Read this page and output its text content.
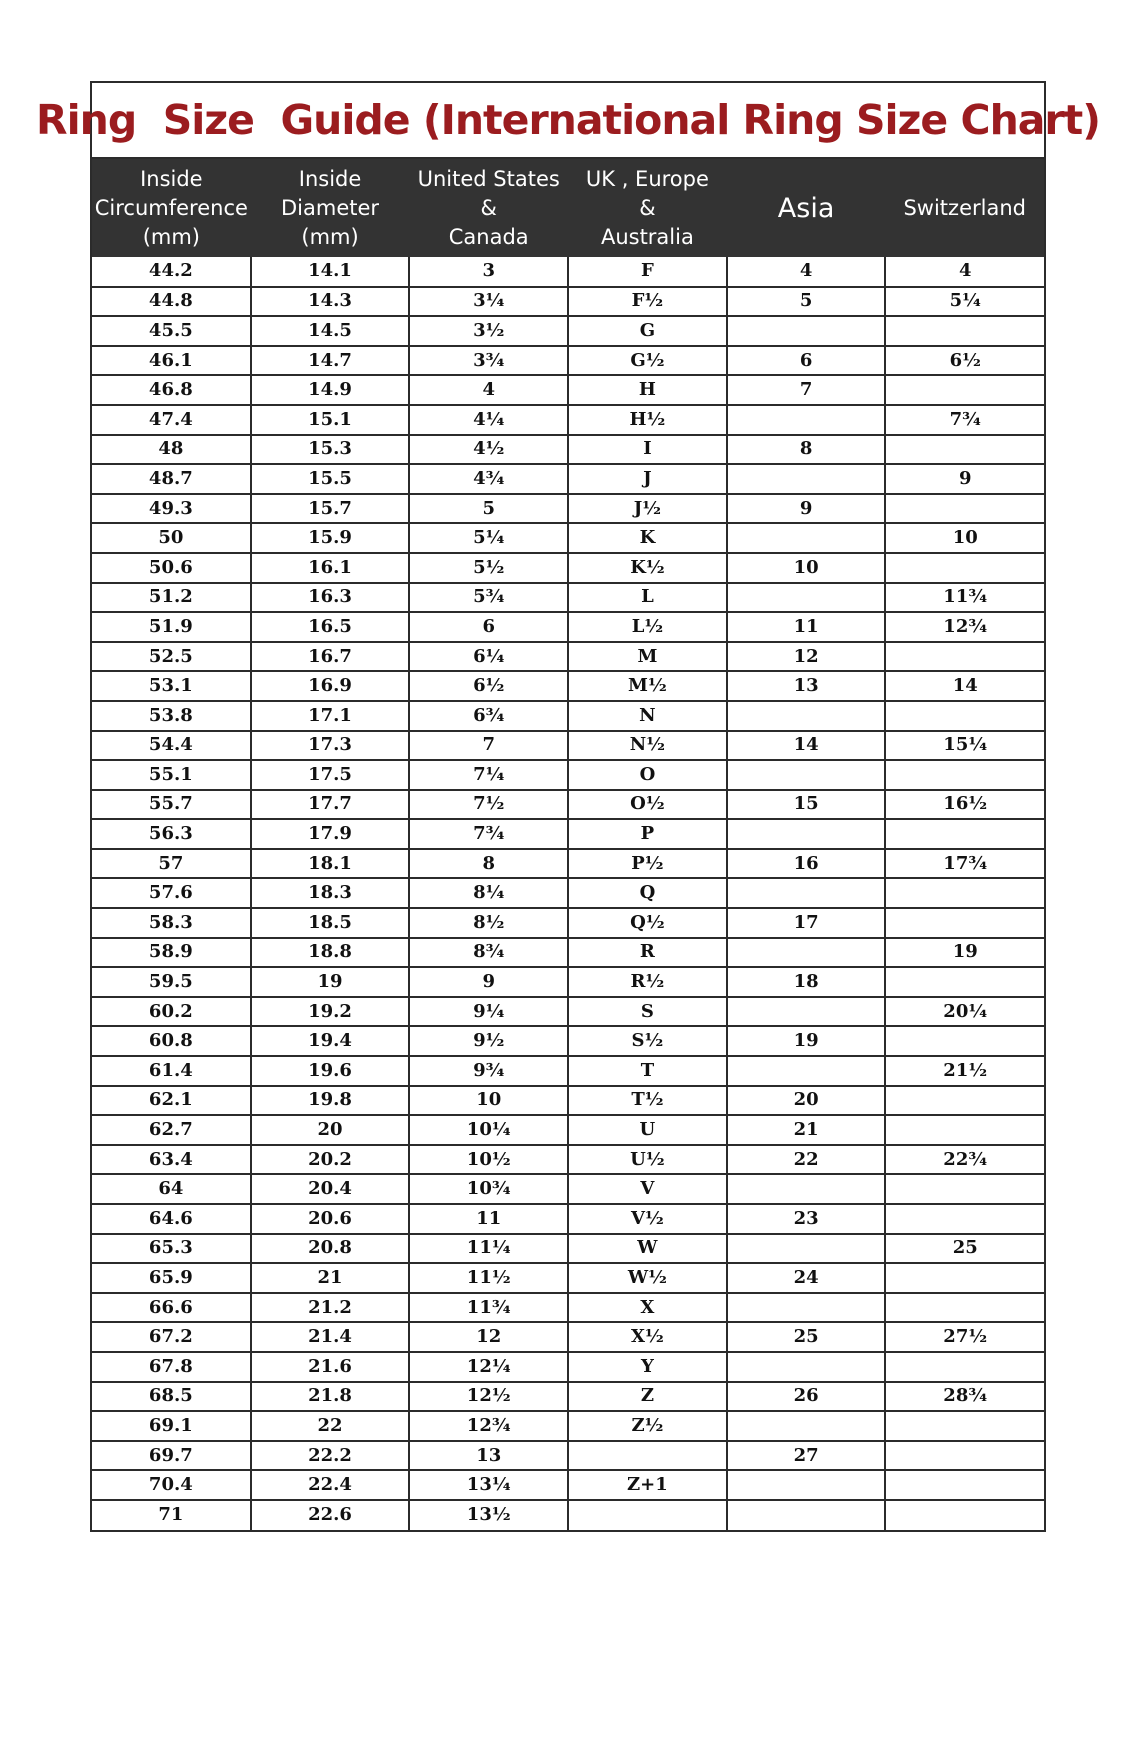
Ring  Size  Guide (International Ring Size Chart)
Inside
Circumference
(mm)	Inside
Diameter
(mm)	United States
&
Canada	UK , Europe
&
Australia	Asia	Switzerland
44.2	14.1	3	F	4	4
44.8	14.3	3¼	F½	5	5¼
45.5	14.5	3½	G		
46.1	14.7	3¾	G½	6	6½
46.8	14.9	4	H	7	
47.4	15.1	4¼	H½		7¾
48	15.3	4½	I	8	
48.7	15.5	4¾	J		9
49.3	15.7	5	J½	9	
50	15.9	5¼	K		10
50.6	16.1	5½	K½	10	
51.2	16.3	5¾	L		11¾
51.9	16.5	6	L½	11	12¾
52.5	16.7	6¼	M	12	
53.1	16.9	6½	M½	13	14
53.8	17.1	6¾	N		
54.4	17.3	7	N½	14	15¼
55.1	17.5	7¼	O		
55.7	17.7	7½	O½	15	16½
56.3	17.9	7¾	P		
57	18.1	8	P½	16	17¾
57.6	18.3	8¼	Q		
58.3	18.5	8½	Q½	17	
58.9	18.8	8¾	R		19
59.5	19	9	R½	18	
60.2	19.2	9¼	S		20¼
60.8	19.4	9½	S½	19	
61.4	19.6	9¾	T		21½
62.1	19.8	10	T½	20	
62.7	20	10¼	U	21	
63.4	20.2	10½	U½	22	22¾
64	20.4	10¾	V		
64.6	20.6	11	V½	23	
65.3	20.8	11¼	W		25
65.9	21	11½	W½	24	
66.6	21.2	11¾	X		
67.2	21.4	12	X½	25	27½
67.8	21.6	12¼	Y		
68.5	21.8	12½	Z	26	28¾
69.1	22	12¾	Z½		
69.7	22.2	13		27	
70.4	22.4	13¼	Z+1		
71	22.6	13½			
